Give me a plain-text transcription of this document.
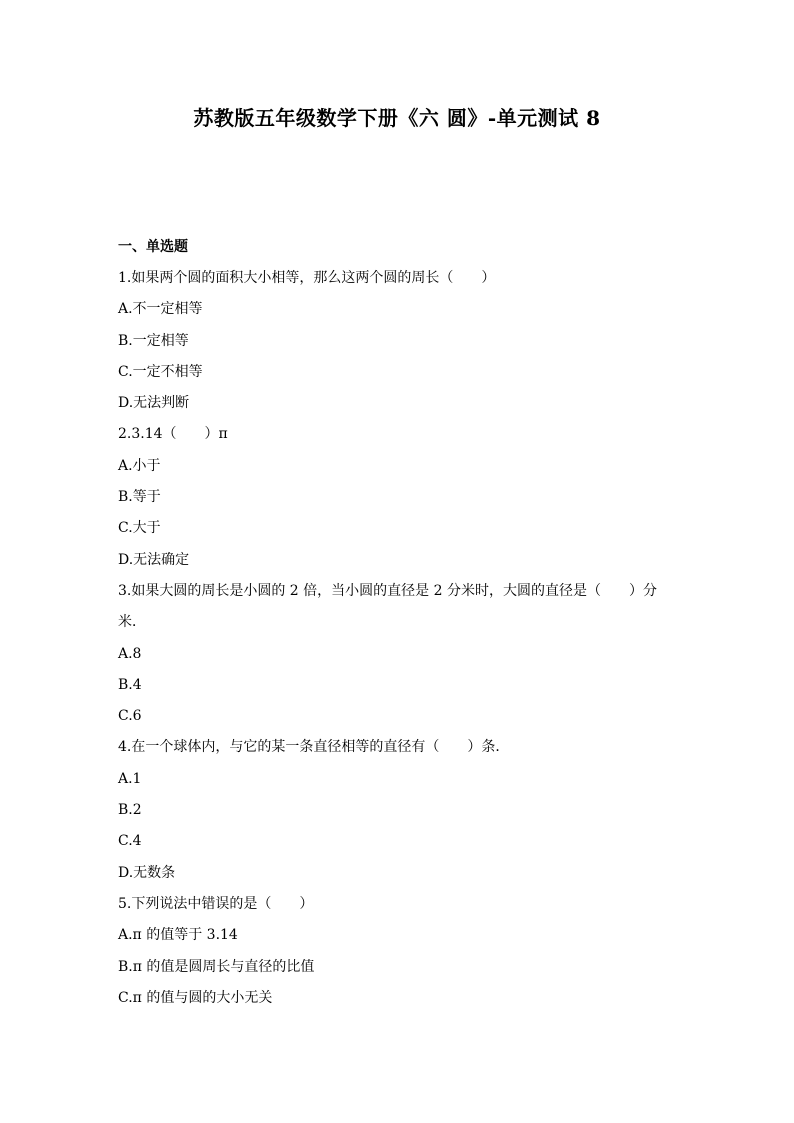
苏教版五年级数学下册《六 圆》-单元测试 8
一、单选题
1.如果两个圆的面积大小相等，那么这两个圆的周长（　　）
A.不一定相等
B.一定相等
C.一定不相等
D.无法判断
2.3.14（　　）π
A.小于
B.等于
C.大于
D.无法确定
3.如果大圆的周长是小圆的 2 倍，当小圆的直径是 2 分米时，大圆的直径是（　　）分
米．
A.8
B.4
C.6
4.在一个球体内，与它的某一条直径相等的直径有（　　）条．
A.1
B.2
C.4
D.无数条
5.下列说法中错误的是（　　）
A.π 的值等于 3.14
B.π 的值是圆周长与直径的比值
C.π 的值与圆的大小无关
